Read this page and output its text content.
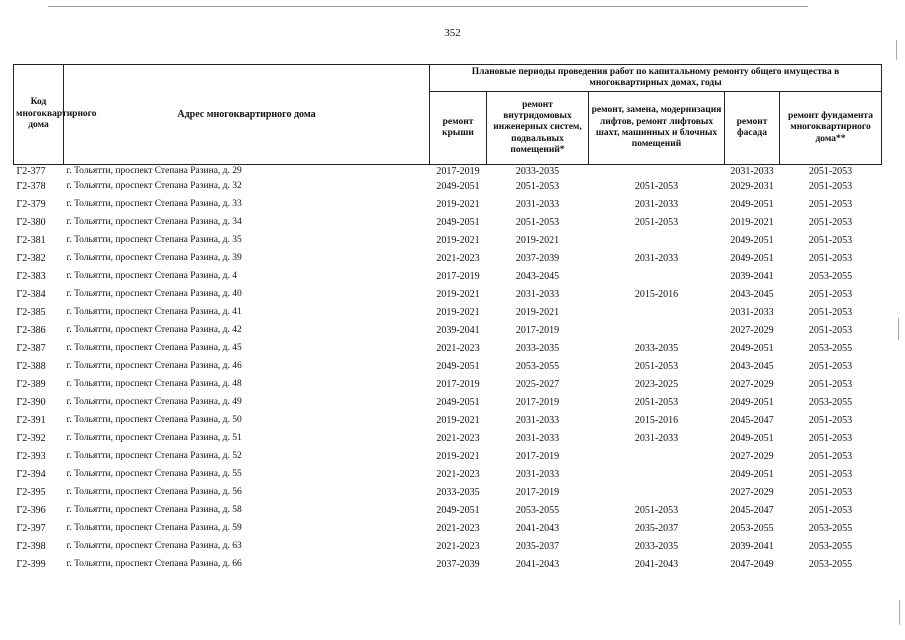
352
Код многоквартирного дома	Адрес многоквартирного дома	Плановые периоды проведения работ по капитальному ремонту общего имущества в многоквартирных домах, годы				
		ремонт крыши	ремонт внутридомовых инженерных систем, подвальных помещений*	ремонт, замена, модернизация лифтов, ремонт лифтовых шахт, машинных и блочных помещений	ремонт фасада	ремонт фундамента многоквартирного дома**
Г2-377	г. Тольятти, проспект Степана Разина, д. 29	2017-2019	2033-2035		2031-2033	2051-2053
Г2-378	г. Тольятти, проспект Степана Разина, д. 32	2049-2051	2051-2053	2051-2053	2029-2031	2051-2053
Г2-379	г. Тольятти, проспект Степана Разина, д. 33	2019-2021	2031-2033	2031-2033	2049-2051	2051-2053
Г2-380	г. Тольятти, проспект Степана Разина, д. 34	2049-2051	2051-2053	2051-2053	2019-2021	2051-2053
Г2-381	г. Тольятти, проспект Степана Разина, д. 35	2019-2021	2019-2021		2049-2051	2051-2053
Г2-382	г. Тольятти, проспект Степана Разина, д. 39	2021-2023	2037-2039	2031-2033	2049-2051	2051-2053
Г2-383	г. Тольятти, проспект Степана Разина, д. 4	2017-2019	2043-2045		2039-2041	2053-2055
Г2-384	г. Тольятти, проспект Степана Разина, д. 40	2019-2021	2031-2033	2015-2016	2043-2045	2051-2053
Г2-385	г. Тольятти, проспект Степана Разина, д. 41	2019-2021	2019-2021		2031-2033	2051-2053
Г2-386	г. Тольятти, проспект Степана Разина, д. 42	2039-2041	2017-2019		2027-2029	2051-2053
Г2-387	г. Тольятти, проспект Степана Разина, д. 45	2021-2023	2033-2035	2033-2035	2049-2051	2053-2055
Г2-388	г. Тольятти, проспект Степана Разина, д. 46	2049-2051	2053-2055	2051-2053	2043-2045	2051-2053
Г2-389	г. Тольятти, проспект Степана Разина, д. 48	2017-2019	2025-2027	2023-2025	2027-2029	2051-2053
Г2-390	г. Тольятти, проспект Степана Разина, д. 49	2049-2051	2017-2019	2051-2053	2049-2051	2053-2055
Г2-391	г. Тольятти, проспект Степана Разина, д. 50	2019-2021	2031-2033	2015-2016	2045-2047	2051-2053
Г2-392	г. Тольятти, проспект Степана Разина, д. 51	2021-2023	2031-2033	2031-2033	2049-2051	2051-2053
Г2-393	г. Тольятти, проспект Степана Разина, д. 52	2019-2021	2017-2019		2027-2029	2051-2053
Г2-394	г. Тольятти, проспект Степана Разина, д. 55	2021-2023	2031-2033		2049-2051	2051-2053
Г2-395	г. Тольятти, проспект Степана Разина, д. 56	2033-2035	2017-2019		2027-2029	2051-2053
Г2-396	г. Тольятти, проспект Степана Разина, д. 58	2049-2051	2053-2055	2051-2053	2045-2047	2051-2053
Г2-397	г. Тольятти, проспект Степана Разина, д. 59	2021-2023	2041-2043	2035-2037	2053-2055	2053-2055
Г2-398	г. Тольятти, проспект Степана Разина, д. 63	2021-2023	2035-2037	2033-2035	2039-2041	2053-2055
Г2-399	г. Тольятти, проспект Степана Разина, д. 66	2037-2039	2041-2043	2041-2043	2047-2049	2053-2055
